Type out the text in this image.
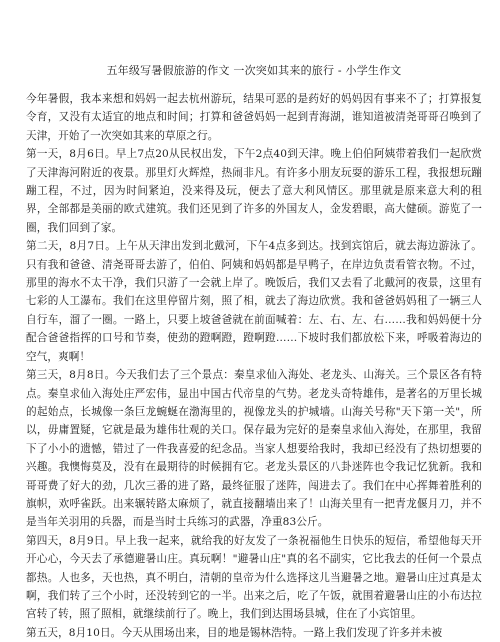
五年级写暑假旅游的作文 一次突如其来的旅行 - 小学生作文

今年暑假，我本来想和妈妈一起去杭州游玩，结果可恶的是药好的妈妈因有事来不了；打算报复令育，又没有太适宜的地点和时间；打算和爸爸妈妈一起到青海湖，谁知道被清尧哥哥召唤到了天津，开始了一次突如其来的草原之行。

第一天，8月6日。早上7点20从民权出发，下午2点40到天津。晚上伯伯阿姨带着我们一起欣赏了天津海河附近的夜景。那里灯火辉煌，热闹非凡。有许多小朋友玩耍的游乐工程，我报想玩蹦蹦工程，不过，因为时间紧迫，没来得及玩，便去了意大利风情区。那里就是原来意大利的租界，全部都是美丽的欧式建筑。我们还见到了许多的外国友人，金发碧眼，高大健硕。游览了一圈，我们回到了家。

第二天，8月7日。上午从天津出发到北戴河，下午4点多到达。找到宾馆后，就去海边游泳了。只有我和爸爸、清尧哥哥去游了，伯伯、阿姨和妈妈都是早鸭子，在岸边负责看管衣物。不过，那里的海水不太干净，我们只游了一会就上岸了。晚饭后，我们又去看了北戴河的夜景，这里有七彩的人工瀑布。我们在这里停留片刻，照了相，就去了海边欣赏。我和爸爸妈妈租了一辆三人自行车，溜了一圈。一路上，只要上坡爸爸就在前面喊着：左、右、左、右……我和妈妈便十分配合爸爸指挥的口号和节奏，使劲的蹬啊蹬，蹬啊蹬……下坡时我们都放松下来，呼吸着海边的空气，爽啊！

第三天，8月8日。今天我们去了三个景点：秦皇求仙入海处、老龙头、山海关。三个景区各有特点。秦皇求仙入海处庄严宏伟，显出中国古代帝皇的气势。老龙头奇特雄伟，是著名的万里长城的起始点，长城像一条巨龙蜿蜒在渤海里的，视像龙头的护城墙。山海关号称"天下第一关"，所以，毋庸置疑，它就是最为雄伟壮观的关口。保存最为完好的是秦皇求仙入海处，在那里，我留下了小小的遗憾，错过了一件我喜爱的纪念品。当家人想要给我时，我却已经没有了热切想要的兴趣。我懊悔莫及，没有在最期待的时候拥有它。老龙头景区的八卦迷阵也令我记忆犹新。我和哥哥费了好大的劲，几次三番的进了路，最终征服了迷阵，闯进去了。我们在中心挥舞着胜利的旗帜，欢呼雀跃。出来辗转路太麻烦了，就直接翻墙出来了！山海关里有一把青龙偃月刀，并不是当年关羽用的兵器，而是当时士兵练习的武器，净重83公斤。

第四天，8月9日。早上我一起来，就给我的好友发了一条祝福他生日快乐的短信，希望他每天开开心心，今天去了承德避暑山庄。真玩啊！"避暑山庄"真的名不副实，它比我去的任何一个景点都热。人也多，天也热，真不明白，清朝的皇帝为什么选择这儿当避暑之地。避暑山庄过真是太啊，我们转了三个小时，还没转到它的一半。出来之后，吃了午饭，就围着避暑山庄的小布达拉宫转了转，照了照相，就继续前行了。晚上，我们到达围场县城，住在了小宾馆里。

第五天，8月10日。今天从围场出来，目的地是锡林浩特。一路上我们发现了许多并未被
